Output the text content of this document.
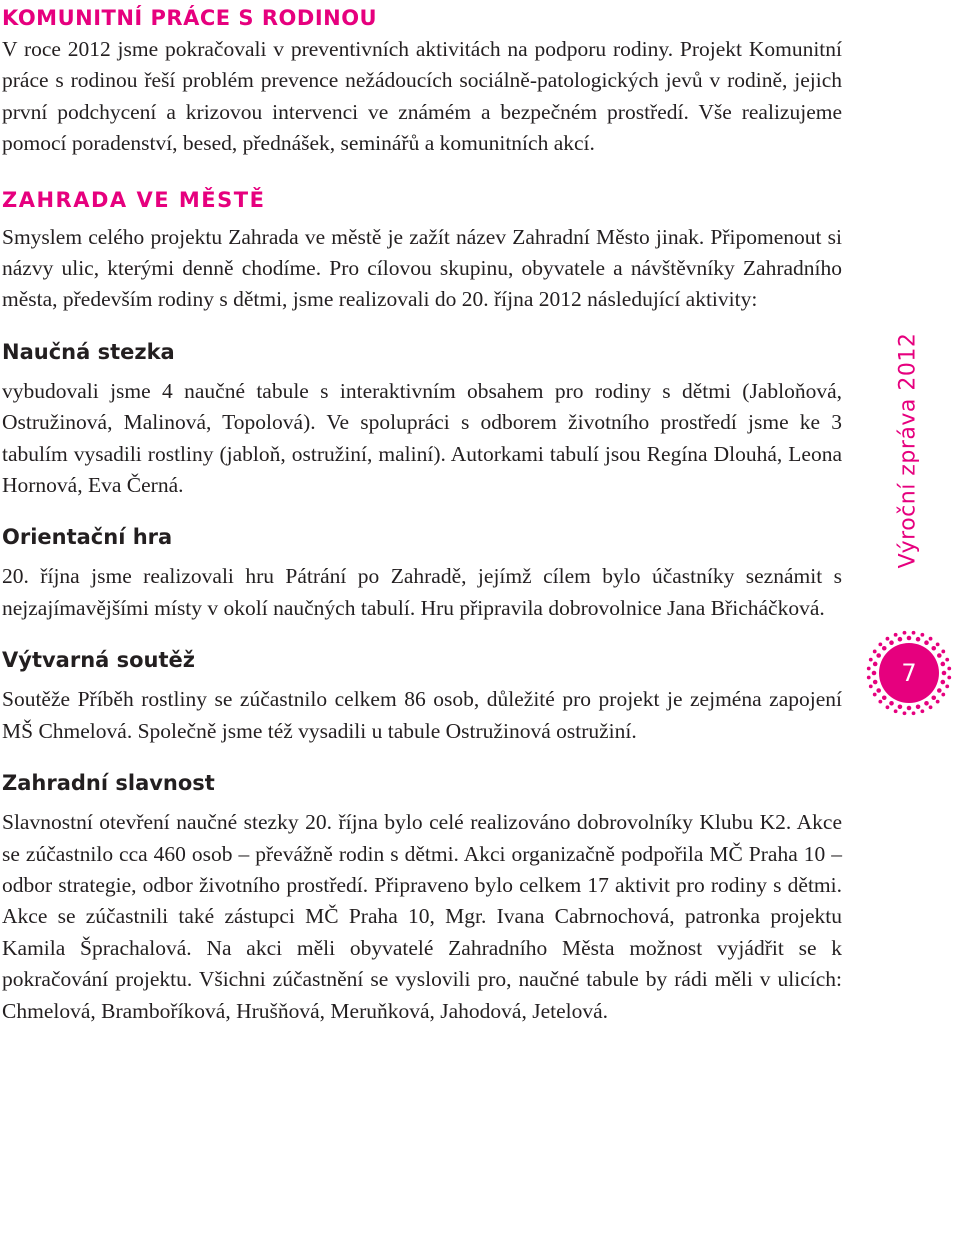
KOMUNITNÍ PRÁCE S RODINOU

V roce 2012 jsme pokračovali v preventivních aktivitách na podporu rodiny. Projekt Komunitní práce s rodinou řeší problém prevence nežádoucích sociálně-patologických jevů v rodině, jejich první podchycení a krizovou intervenci ve známém a bezpečném prostředí. Vše realizujeme pomocí poradenství, besed, přednášek, seminářů a komunitních akcí.

ZAHRADA VE MĚSTĚ

Smyslem celého projektu Zahrada ve městě je zažít název Zahradní Město jinak. Připomenout si názvy ulic, kterými denně chodíme. Pro cílovou skupinu, obyvatele a návštěvníky Zahradního města, především rodiny s dětmi, jsme realizovali do 20. října 2012 následující aktivity:

Naučná stezka

vybudovali jsme 4 naučné tabule s interaktivním obsahem pro rodiny s dětmi (Jabloňová, Ostružinová, Malinová, Topolová). Ve spolupráci s odborem životního prostředí jsme ke 3 tabulím vysadili rostliny (jabloň, ostružiní, maliní). Autorkami tabulí jsou Regína Dlouhá, Leona Hornová, Eva Černá.

Orientační hra

20. října jsme realizovali hru Pátrání po Zahradě, jejímž cílem bylo účastníky seznámit s nejzajímavějšími místy v okolí naučných tabulí. Hru připravila dobrovolnice Jana Břicháčková.

Výtvarná soutěž

Soutěže Příběh rostliny se zúčastnilo celkem 86 osob, důležité pro projekt je zejména zapojení MŠ Chmelová. Společně jsme též vysadili u tabule Ostružinová ostružiní.

Zahradní slavnost

Slavnostní otevření naučné stezky 20. října bylo celé realizováno dobrovolníky Klubu K2. Akce se zúčastnilo cca 460 osob – převážně rodin s dětmi. Akci organizačně podpořila MČ Praha 10 – odbor strategie, odbor životního prostředí. Připraveno bylo celkem 17 aktivit pro rodiny s dětmi. Akce se zúčastnili také zástupci MČ Praha 10, Mgr. Ivana Cabrnochová, patronka projektu Kamila Šprachalová. Na akci měli obyvatelé Zahradního Města možnost vyjádřit se k pokračování projektu. Všichni zúčastnění se vyslovili pro, naučné tabule by rádi měli v ulicích: Chmelová, Bramboříková, Hrušňová, Meruňková, Jahodová, Jetelová.

Výroční zpráva 2012
7
